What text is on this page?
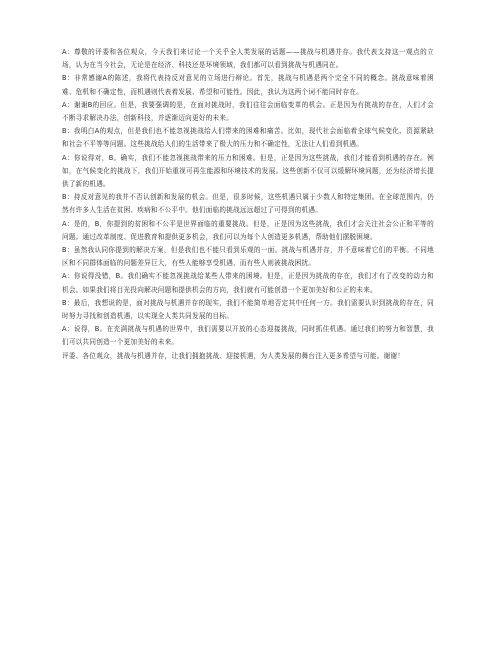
A：尊敬的评委和各位观众，今天我们来讨论一个关乎全人类发展的话题——挑战与机遇并存。我代表支持这一观点的立场，认为在当今社会，无论是在经济、科技还是环境领域，我们都可以看到挑战与机遇同在。

B：非常感谢A的陈述，我将代表持反对意见的立场进行辩论。首先，挑战与机遇是两个完全不同的概念。挑战意味着困难、危机和不确定性，而机遇则代表着发展、希望和可能性。因此，我认为这两个词不能同时存在。

A：谢谢B的回应。但是，我要强调的是，在面对挑战时，我们往往会面临变革的机会。正是因为有挑战的存在，人们才会不断寻求解决办法，创新科技，并逐渐迈向更好的未来。

B：我明白A的观点，但是我们也不能忽视挑战给人们带来的困难和痛苦。比如，现代社会面临着全球气候变化、资源紧缺和社会不平等等问题。这些挑战给人们的生活带来了极大的压力和不确定性，无法让人们看到机遇。

A：你说得对，B。确实，我们不能忽视挑战带来的压力和困难。但是，正是因为这些挑战，我们才能看到机遇的存在。例如，在气候变化的挑战下，我们开始重视可再生能源和环境技术的发展。这些创新不仅可以缓解环境问题，还为经济增长提供了新的机遇。

B：持反对意见的我并不否认创新和发展的机会。但是，很多时候，这些机遇只属于少数人和特定集团。在全球范围内，仍然有许多人生活在贫困、疾病和不公平中。他们面临的挑战远远超过了可得到的机遇。

A：是的，B，你提到的贫困和不公平是世界面临的重要挑战。但是，正是因为这些挑战，我们才会关注社会公正和平等的问题。通过改革制度、促进教育和提供更多机会，我们可以为每个人创造更多机遇，帮助他们摆脱困境。

B：虽然我认同你提到的解决方案，但是我们也不能只看到乐观的一面。挑战与机遇并存，并不意味着它们的平衡。不同地区和不同群体面临的问题差异巨大，有些人能够享受机遇，而有些人则被挑战困扰。

A：你说得没错，B。我们确实不能忽视挑战给某些人带来的困境。但是，正是因为挑战的存在，我们才有了改变的动力和机会。如果我们将目光投向解决问题和提供机会的方向，我们就有可能创造一个更加美好和公正的未来。

B：最后，我想说的是，面对挑战与机遇并存的现实，我们不能简单地否定其中任何一方。我们需要认识到挑战的存在，同时努力寻找和创造机遇，以实现全人类共同发展的目标。

A：说得，B。在充满挑战与机遇的世界中，我们需要以开放的心态迎接挑战，同时抓住机遇。通过我们的努力和智慧，我们可以共同创造一个更加美好的未来。

评委、各位观众，挑战与机遇并存，让我们拥抱挑战、迎接机遇，为人类发展的舞台注入更多希望与可能。谢谢！
